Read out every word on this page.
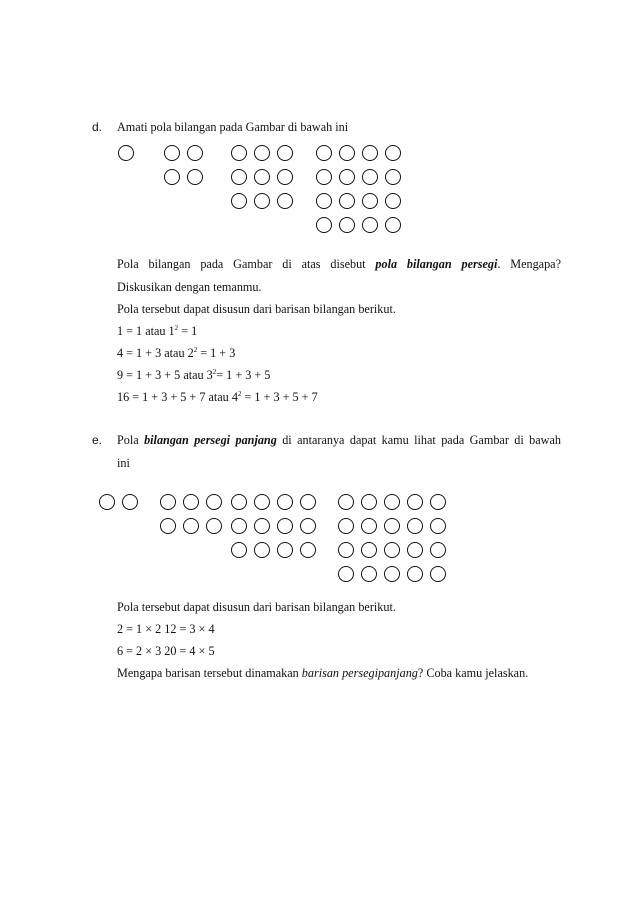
d. Amati pola bilangan pada Gambar di bawah ini
Pola bilangan pada Gambar di atas disebut pola bilangan persegi. Mengapa?
Diskusikan dengan temanmu.
Pola tersebut dapat disusun dari barisan bilangan berikut.
1 = 1 atau $1^2 = 1$
4 = 1 + 3 atau $2^2 = 1 + 3$
9 = 1 + 3 + 5 atau $3^2= 1 + 3 + 5$
16 = 1 + 3 + 5 + 7 atau $4^2 = 1 + 3 + 5 + 7$
e. Pola bilangan persegi panjang di antaranya dapat kamu lihat pada Gambar di bawah
ini
Pola tersebut dapat disusun dari barisan bilangan berikut.
2 = 1 × 2 12 = 3 × 4
6 = 2 × 3 20 = 4 × 5
Mengapa barisan tersebut dinamakan barisan persegipanjang? Coba kamu jelaskan.
